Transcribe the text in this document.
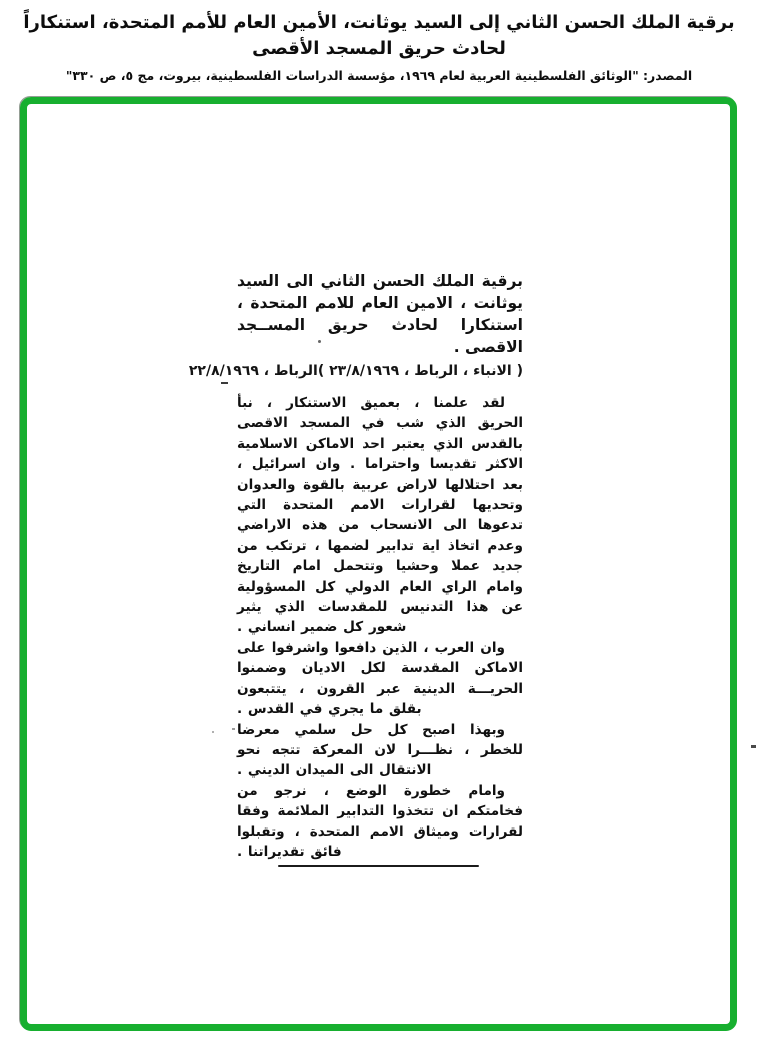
برقية الملك الحسن الثاني إلى السيد يوثانت، الأمين العام للأمم المتحدة، استنكاراً لحادث حريق المسجد الأقصى
المصدر: "الوثائق الفلسطينية العربية لعام ١٩٦٩، مؤسسة الدراسات الفلسطينية، بيروت، مج ٥، ص ٣٣٠"
برقية الملك الحسن الثاني الى السيد يوثانت ، الامين العام للامم المتحدة ، استنكارا لحادث حريق المســجد الاقصى .
( الانباء ، الرباط ، ٢٣/٨/١٩٦٩ )
الرباط ، ٢٢/٨/١٩٦٩

لقد علمنا ، بعميق الاستنكار ، نبأ الحريق الذي شب في المسجد الاقصى بالقدس الذي يعتبر احد الاماكن الاسلامية الاكثر تقديسا واحتراما . وان اسرائيل ، بعد احتلالها لاراض عربية بالقوة والعدوان وتحديها لقرارات الامم المتحدة التي تدعوها الى الانسحاب من هذه الاراضي وعدم اتخاذ اية تدابير لضمها ، ترتكب من جديد عملا وحشيا وتتحمل امام التاريخ وامام الراي العام الدولي كل المسؤولية عن هذا التدنيس للمقدسات الذي يثير شعور كل ضمير انساني .

وان العرب ، الذين دافعوا واشرفوا على الاماكن المقدسة لكل الاديان وضمنوا الحريـــة الدينية عبر القرون ، يتتبعون بقلق ما يجري في القدس .

وبهذا اصبح كل حل سلمي معرضا للخطر ، نظـــرا لان المعركة تتجه نحو الانتقال الى الميدان الديني .

وامام خطورة الوضع ، نرجو من فخامتكم ان تتخذوا التدابير الملائمة وفقا لقرارات وميثاق الامم المتحدة ، وتقبلوا فائق تقديراتنا .
